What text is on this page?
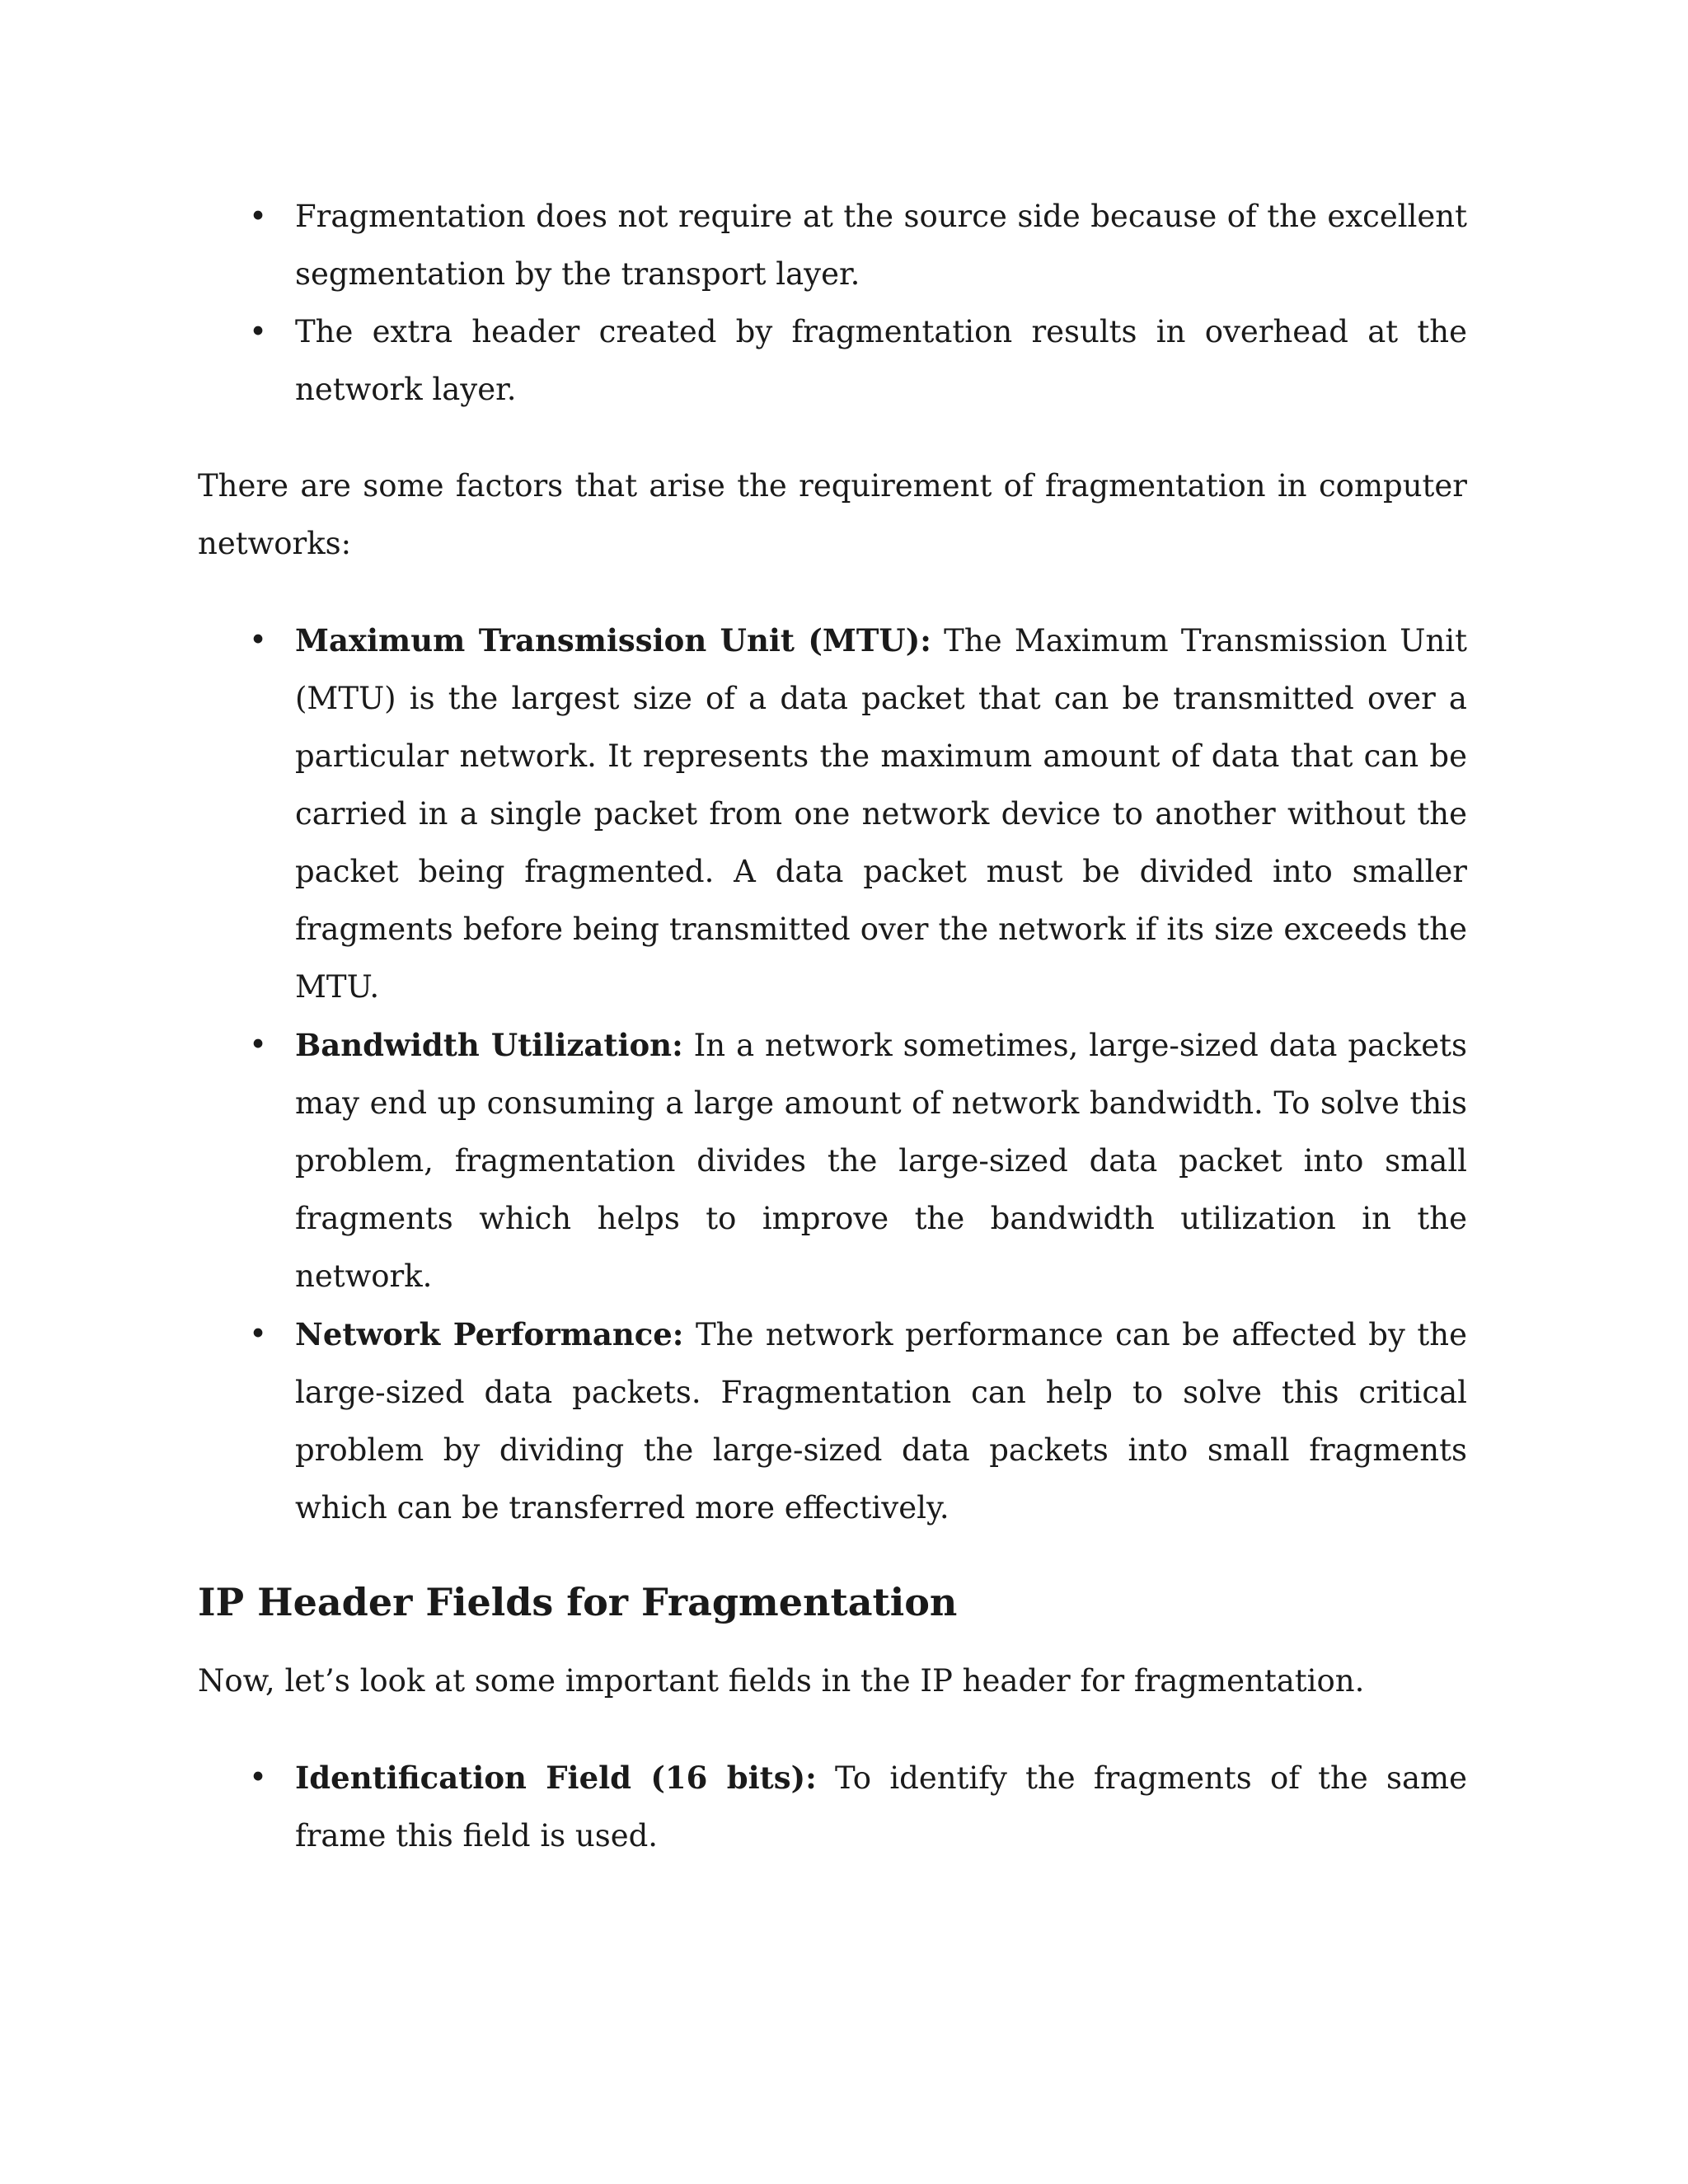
• Fragmentation does not require at the source side because of the excellent segmentation by the transport layer.
• The extra header created by fragmentation results in overhead at the network layer.

There are some factors that arise the requirement of fragmentation in computer networks:

• Maximum Transmission Unit (MTU): The Maximum Transmission Unit (MTU) is the largest size of a data packet that can be transmitted over a particular network. It represents the maximum amount of data that can be carried in a single packet from one network device to another without the packet being fragmented. A data packet must be divided into smaller fragments before being transmitted over the network if its size exceeds the MTU.
• Bandwidth Utilization: In a network sometimes, large-sized data packets may end up consuming a large amount of network bandwidth. To solve this problem, fragmentation divides the large-sized data packet into small fragments which helps to improve the bandwidth utilization in the network.
• Network Performance: The network performance can be affected by the large-sized data packets. Fragmentation can help to solve this critical problem by dividing the large-sized data packets into small fragments which can be transferred more effectively.
IP Header Fields for Fragmentation

Now, let’s look at some important fields in the IP header for fragmentation.

• Identification Field (16 bits): To identify the fragments of the same frame this field is used.
